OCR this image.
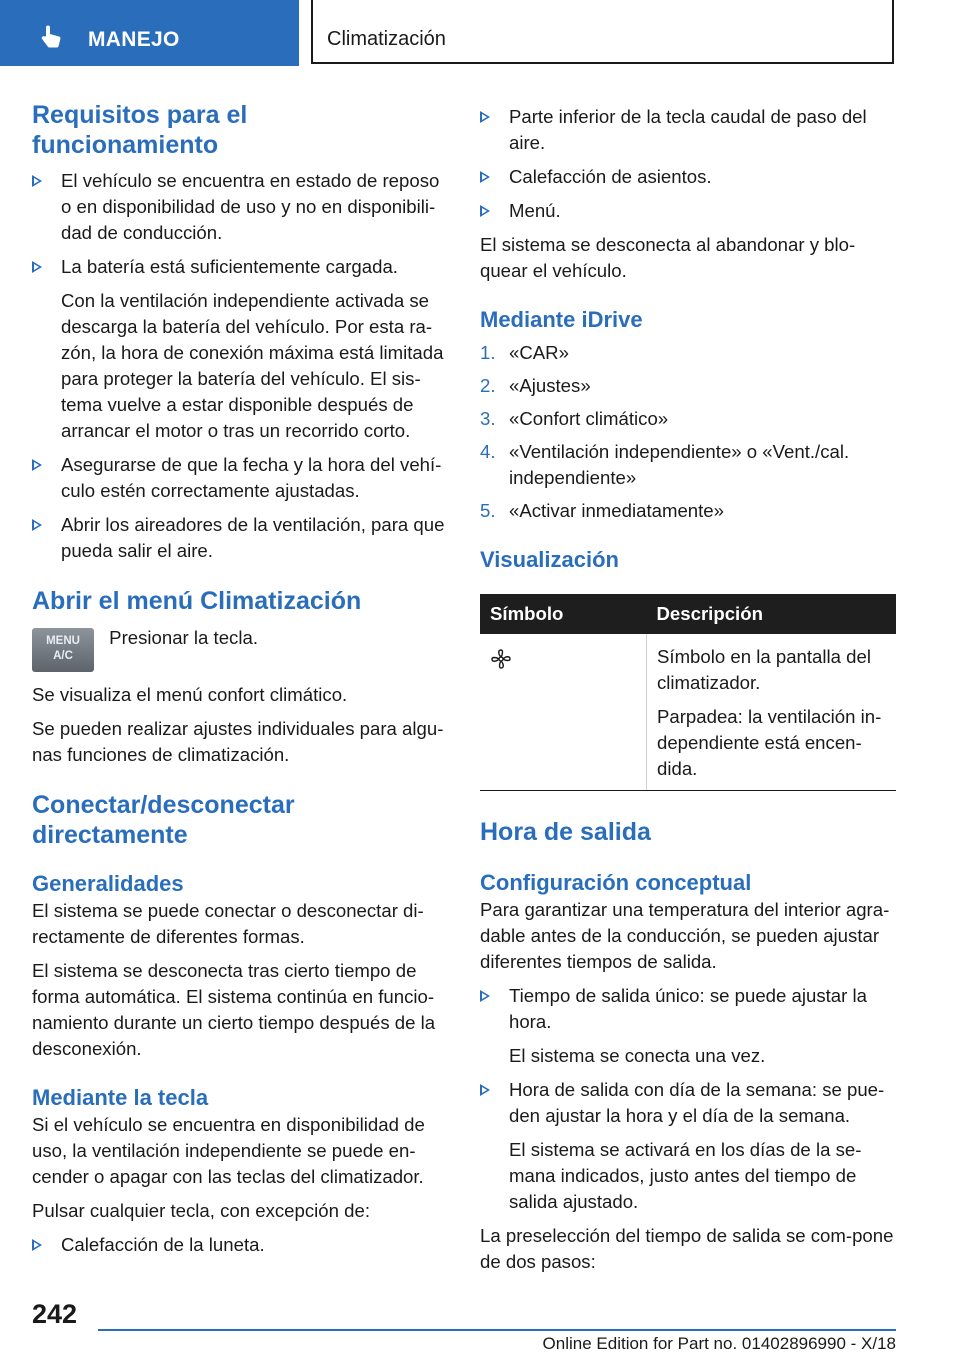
MANEJO	Climatización
Requisitos para el funcionamiento
El vehículo se encuentra en estado de reposo o en disponibilidad de uso y no en disponibili‐dad de conducción.
La batería está suficientemente cargada.
Con la ventilación independiente activada se descarga la batería del vehículo. Por esta ra‐zón, la hora de conexión máxima está limitada para proteger la batería del vehículo. El sis‐tema vuelve a estar disponible después de arrancar el motor o tras un recorrido corto.
Asegurarse de que la fecha y la hora del vehí‐culo estén correctamente ajustadas.
Abrir los aireadores de la ventilación, para que pueda salir el aire.
Abrir el menú Climatización
MENU
A/C Presionar la tecla.

Se visualiza el menú confort climático.

Se pueden realizar ajustes individuales para algu‐nas funciones de climatización.

Conectar/desconectar directamente
Generalidades

El sistema se puede conectar o desconectar di‐rectamente de diferentes formas.

El sistema se desconecta tras cierto tiempo de forma automática. El sistema continúa en funcio‐namiento durante un cierto tiempo después de la desconexión.

Mediante la tecla

Si el vehículo se encuentra en disponibilidad de uso, la ventilación independiente se puede en‐cender o apagar con las teclas del climatizador.

Pulsar cualquier tecla, con excepción de:

Calefacción de la luneta.
Parte inferior de la tecla caudal de paso del aire.
Calefacción de asientos.
Menú.

El sistema se desconecta al abandonar y blo‐quear el vehículo.

Mediante iDrive
1. «CAR»
2. «Ajustes»
3. «Confort climático»
4. «Ventilación independiente» o «Vent./cal. independiente»
5. «Activar inmediatamente»
Visualización
Símbolo	Descripción

Símbolo en la pantalla del climatizador.
Parpadea: la ventilación in‐dependiente está encen‐dida.
Hora de salida
Configuración conceptual

Para garantizar una temperatura del interior agra‐dable antes de la conducción, se pueden ajustar diferentes tiempos de salida.

Tiempo de salida único: se puede ajustar la hora.
El sistema se conecta una vez.
Hora de salida con día de la semana: se pue‐den ajustar la hora y el día de la semana.
El sistema se activará en los días de la se‐mana indicados, justo antes del tiempo de salida ajustado.

La preselección del tiempo de salida se com‐pone de dos pasos:

242
Online Edition for Part no. 01402896990 - X/18
